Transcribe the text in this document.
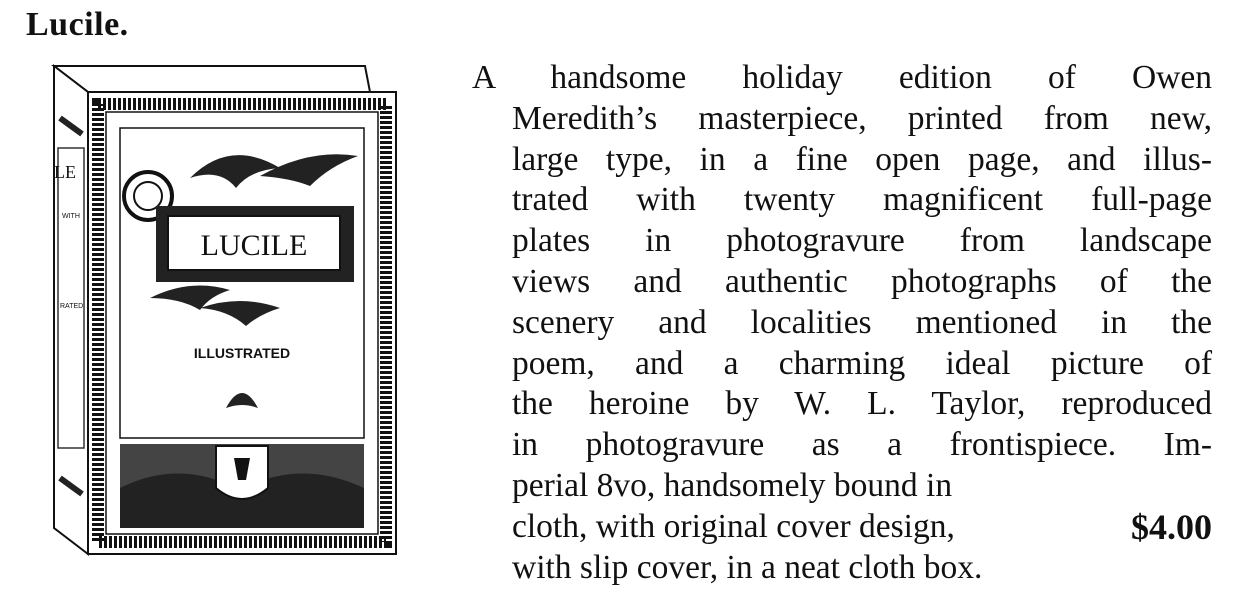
Lucile.
LE
WITH
RATED
LUCILE
ILLUSTRATED
A handsome holiday edition of Owen
Meredith’s masterpiece, printed from new,
large type, in a fine open page, and illus-
trated with twenty magnificent full-page
plates in photogravure from landscape
views and authentic photographs of the
scenery and localities mentioned in the
poem, and a charming ideal picture of
the heroine by W. L. Taylor, reproduced
in photogravure as a frontispiece. Im-
perial 8vo, handsomely bound in
cloth, with original cover design,	$4.00
with slip cover, in a neat cloth box.
